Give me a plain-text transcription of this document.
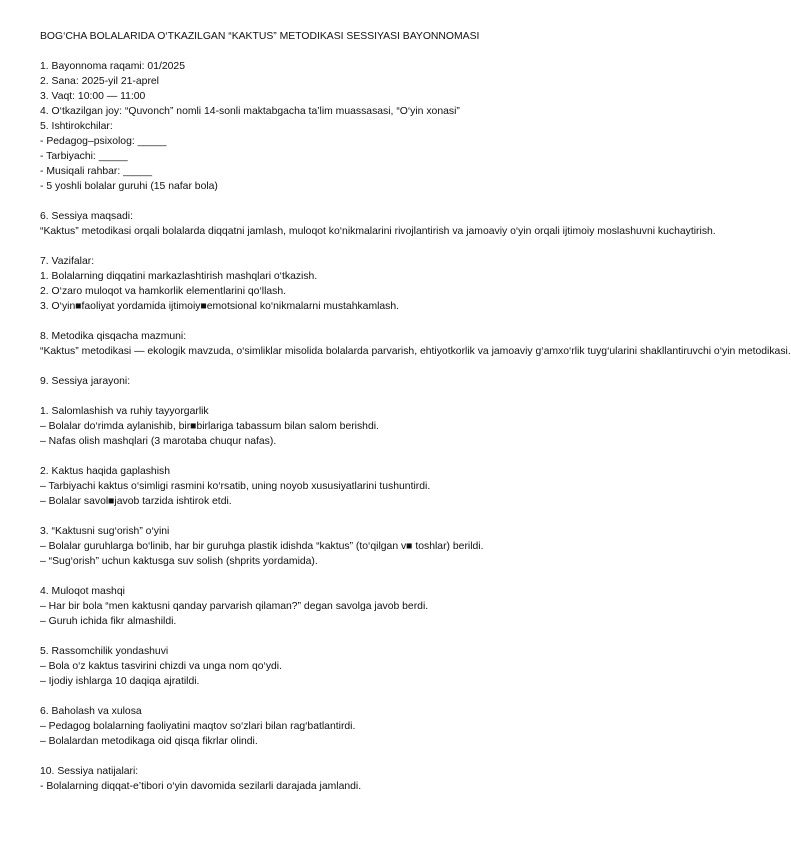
BOG‘CHA BOLALARIDA O‘TKAZILGAN “KAKTUS” METODIKASI SESSIYASI BAYONNOMASI
1. Bayonnoma raqami: 01/2025
2. Sana: 2025-yil 21-aprel
3. Vaqt: 10:00 — 11:00
4. O‘tkazilgan joy: “Quvonch” nomli 14-sonli maktabgacha ta’lim muassasasi, “O‘yin xonasi”
5. Ishtirokchilar:
- Pedagog–psixolog: _____
- Tarbiyachi: _____
- Musiqali rahbar: _____
- 5 yoshli bolalar guruhi (15 nafar bola)
6. Sessiya maqsadi:
“Kaktus” metodikasi orqali bolalarda diqqatni jamlash, muloqot ko‘nikmalarini rivojlantirish va jamoaviy o‘yin orqali ijtimoiy moslashuvni kuchaytirish.
7. Vazifalar:
1. Bolalarning diqqatini markazlashtirish mashqlari o‘tkazish.
2. O‘zaro muloqot va hamkorlik elementlarini qo‘llash.
3. O‘yin■faoliyat yordamida ijtimoiy■emotsional ko‘nikmalarni mustahkamlash.
8. Metodika qisqacha mazmuni:
“Kaktus” metodikasi — ekologik mavzuda, o‘simliklar misolida bolalarda parvarish, ehtiyotkorlik va jamoaviy g‘amxo‘rlik tuyg‘ularini shakllantiruvchi o‘yin metodikasi.
9. Sessiya jarayoni:
1. Salomlashish va ruhiy tayyorgarlik
– Bolalar do‘rimda aylanishib, bir■birlariga tabassum bilan salom berishdi.
– Nafas olish mashqlari (3 marotaba chuqur nafas).
2. Kaktus haqida gaplashish
– Tarbiyachi kaktus o‘simligi rasmini ko‘rsatib, uning noyob xususiyatlarini tushuntirdi.
– Bolalar savol■javob tarzida ishtirok etdi.
3. “Kaktusni sug‘orish” o‘yini
– Bolalar guruhlarga bo‘linib, har bir guruhga plastik idishda “kaktus” (to‘qilgan v■ toshlar) berildi.
– “Sug‘orish” uchun kaktusga suv solish (shprits yordamida).
4. Muloqot mashqi
– Har bir bola “men kaktusni qanday parvarish qilaman?” degan savolga javob berdi.
– Guruh ichida fikr almashildi.
5. Rassomchilik yondashuvi
– Bola o‘z kaktus tasvirini chizdi va unga nom qo‘ydi.
– Ijodiy ishlarga 10 daqiqa ajratildi.
6. Baholash va xulosa
– Pedagog bolalarning faoliyatini maqtov so‘zlari bilan rag‘batlantirdi.
– Bolalardan metodikaga oid qisqa fikrlar olindi.
10. Sessiya natijalari:
- Bolalarning diqqat-e’tibori o‘yin davomida sezilarli darajada jamlandi.
